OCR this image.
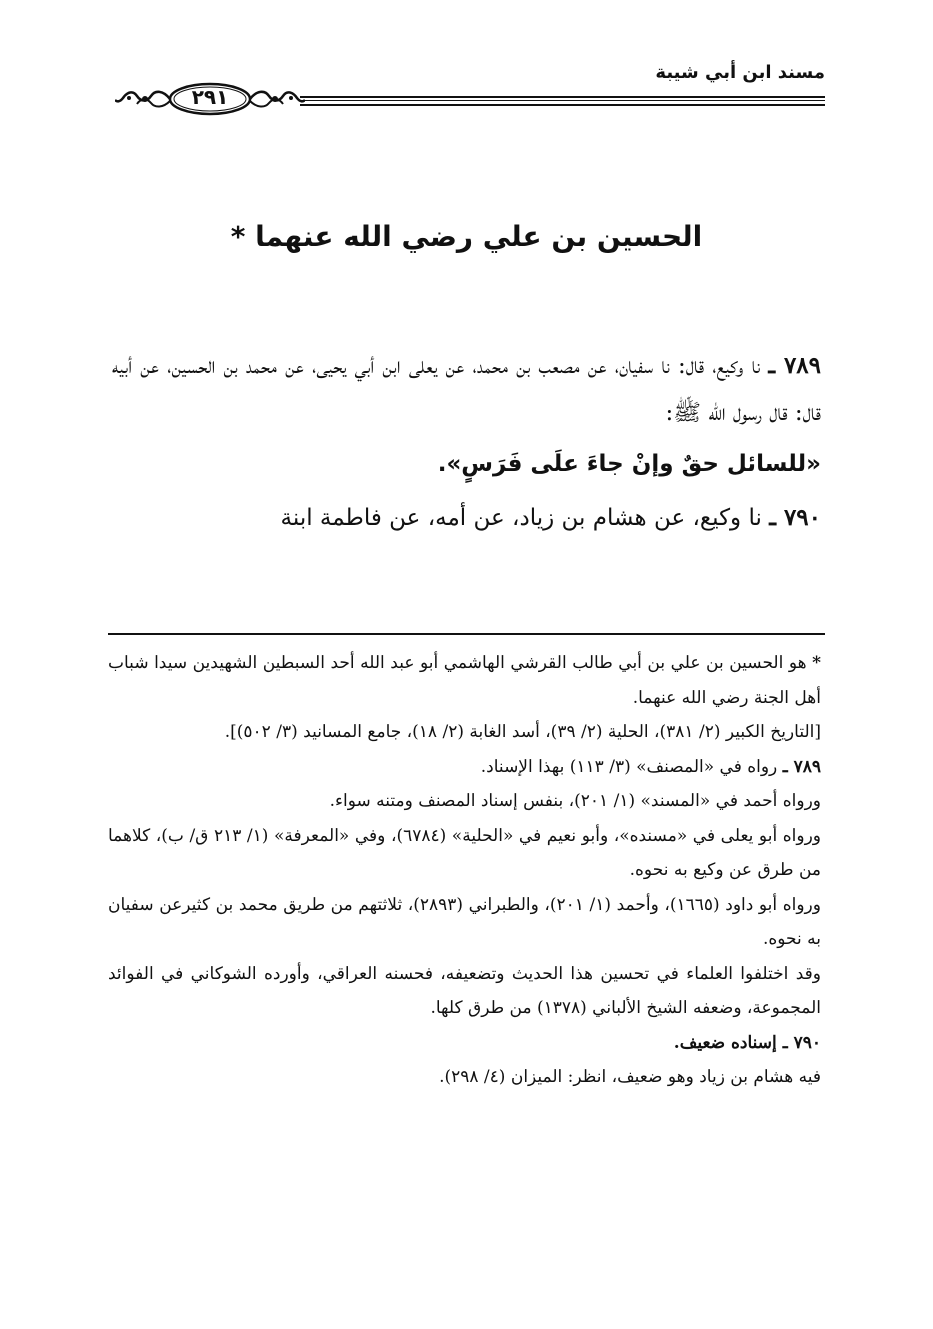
مسند ابن أبي شيبة
٢٩١
الحسين بن علي رضي الله عنهما *

٧٨٩ ـ نا وكيع، قال: نا سفيان، عن مصعب بن محمد، عن يعلى ابن أبي يحيى، عن محمد بن الحسين، عن أبيه قال: قال رسول الله ﷺ:

«للسائل حقٌ وإنْ جاءَ علَى فَرَسٍ».

٧٩٠ ـ نا وكيع، عن هشام بن زياد، عن أمه، عن فاطمة ابنة

* هو الحسين بن علي بن أبي طالب القرشي الهاشمي أبو عبد الله أحد السبطين الشهيدين سيدا شباب أهل الجنة رضي الله عنهما.

[التاريخ الكبير (٢/ ٣٨١)، الحلية (٢/ ٣٩)، أسد الغابة (٢/ ١٨)، جامع المسانيد (٣/ ٥٠٢)].

٧٨٩ ـ رواه في «المصنف» (٣/ ١١٣) بهذا الإسناد.

ورواه أحمد في «المسند» (١/ ٢٠١)، بنفس إسناد المصنف ومتنه سواء.

ورواه أبو يعلى في «مسنده»، وأبو نعيم في «الحلية» (٦٧٨٤)، وفي «المعرفة» (١/ ٢١٣ ق/ ب)، كلاهما من طرق عن وكيع به نحوه.

ورواه أبو داود (١٦٦٥)، وأحمد (١/ ٢٠١)، والطبراني (٢٨٩٣)، ثلاثتهم من طريق محمد بن كثيرعن سفيان به نحوه.

وقد اختلفوا العلماء في تحسين هذا الحديث وتضعيفه، فحسنه العراقي، وأورده الشوكاني في الفوائد المجموعة، وضعفه الشيخ الألباني (١٣٧٨) من طرق كلها.

٧٩٠ ـ إسناده ضعيف.

فيه هشام بن زياد وهو ضعيف، انظر: الميزان (٤/ ٢٩٨).
